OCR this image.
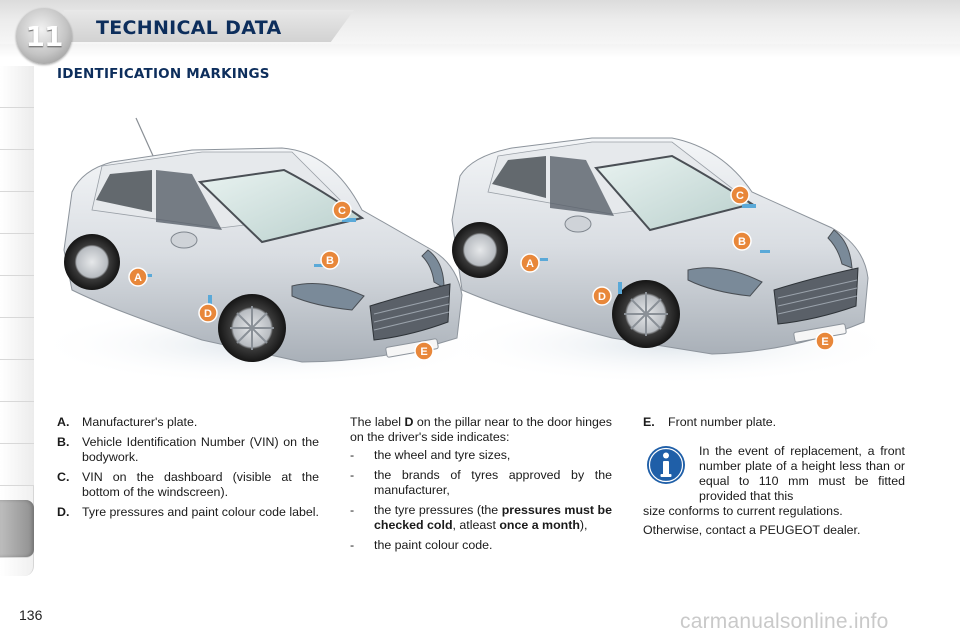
11 TECHNICAL DATA
IDENTIFICATION MARKINGS
A
B
C
D
E
A
B
C
D
E
A.	Manufacturer's plate.
B.	Vehicle Identification Number (VIN) on the bodywork.
C.	VIN on the dashboard (visible at the bottom of the windscreen).
D.	Tyre pressures and paint colour code label.

The label D on the pillar near to the door hinges on the driver's side indicates:

-	the wheel and tyre sizes,
-	the brands of tyres approved by the manufacturer,
-	the tyre pressures (the pressures must be checked cold, atleast once a month),
-	the paint colour code.
E.	Front number plate.

In the event of replacement, a front number plate of a height less than or equal to 110 mm must be fitted provided that this
size conforms to current regulations.

Otherwise, contact a PEUGEOT dealer.

136	carmanualsonline.info
